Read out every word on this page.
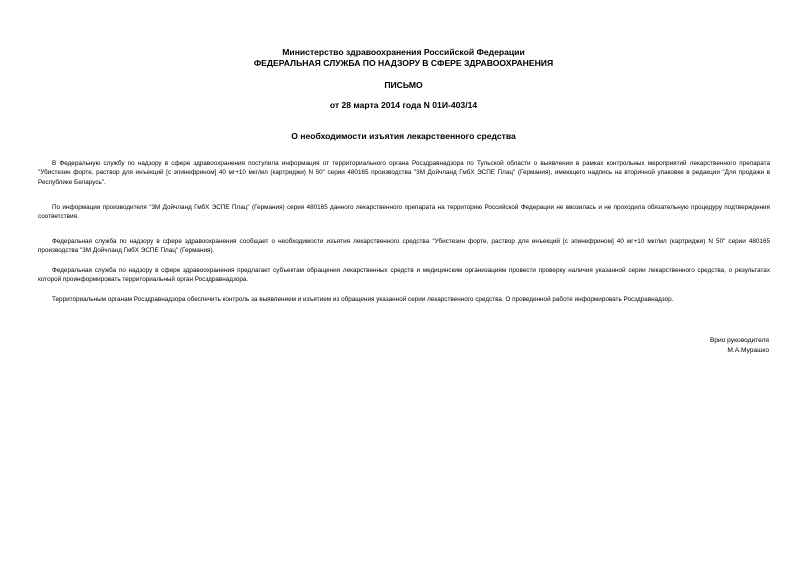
Министерство здравоохранения Российской Федерации
ФЕДЕРАЛЬНАЯ СЛУЖБА ПО НАДЗОРУ В СФЕРЕ ЗДРАВООХРАНЕНИЯ
ПИСЬМО
от 28 марта 2014 года N 01И-403/14
О необходимости изъятия лекарственного средства

В Федеральную службу по надзору в сфере здравоохранения поступила информация от территориального органа Росздравнадзора по Тульской области о выявлении в рамках контрольных мероприятий лекарственного препарата "Убистезин форте, раствор для инъекций [с эпинефрином] 40 мг+10 мкг/мл (картриджи) N 50" серии 480165 производства "3М Дойчланд ГмбХ ЭСПЕ Плац" (Германия), имеющего надпись на вторичной упаковке в редакции "Для продажи в Республике Беларусь".

По информации производителя "3М Дойчланд ГмбХ ЭСПЕ Плац" (Германия) серия 480165 данного лекарственного препарата на территорию Российской Федерации не ввозилась и не проходила обязательную процедуру подтверждения соответствия.

Федеральная служба по надзору в сфере здравоохранения сообщает о необходимости изъятия лекарственного средства "Убистезин форте, раствор для инъекций [с эпинефрином] 40 мг+10 мкг/мл (картриджи) N 50" серии 480165 производства "3М Дойчланд ГмбХ ЭСПЕ Плац" (Германия).

Федеральная служба по надзору в сфере здравоохранения предлагает субъектам обращения лекарственных средств и медицинским организациям провести проверку наличия указанной серии лекарственного средства, о результатах которой проинформировать территориальный орган Росздравнадзора.

Территориальным органам Росздравнадзора обеспечить контроль за выявлением и изъятием из обращения указанной серии лекарственного средства. О проведенной работе информировать Росздравнадзор.

Врио руководителя
М.А.Мурашко
